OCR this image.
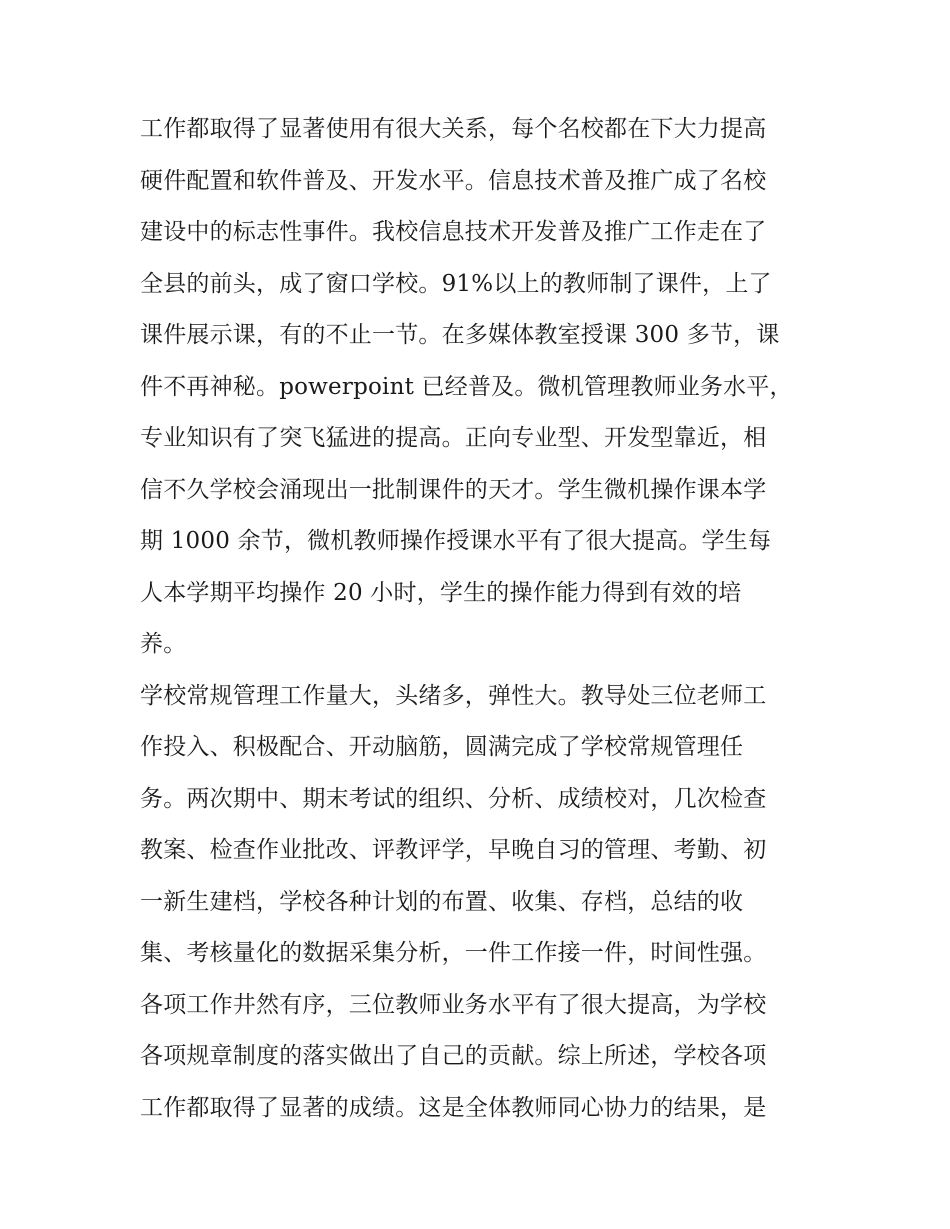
工作都取得了显著使用有很大关系，每个名校都在下大力提高
硬件配置和软件普及、开发水平。信息技术普及推广成了名校
建设中的标志性事件。我校信息技术开发普及推广工作走在了
全县的前头，成了窗口学校。91%以上的教师制了课件，上了
课件展示课，有的不止一节。在多媒体教室授课 300 多节，课
件不再神秘。powerpoint 已经普及。微机管理教师业务水平，
专业知识有了突飞猛进的提高。正向专业型、开发型靠近，相
信不久学校会涌现出一批制课件的天才。学生微机操作课本学
期 1000 余节，微机教师操作授课水平有了很大提高。学生每
人本学期平均操作 20 小时，学生的操作能力得到有效的培
养。
学校常规管理工作量大，头绪多，弹性大。教导处三位老师工
作投入、积极配合、开动脑筋，圆满完成了学校常规管理任
务。两次期中、期末考试的组织、分析、成绩校对，几次检查
教案、检查作业批改、评教评学，早晚自习的管理、考勤、初
一新生建档，学校各种计划的布置、收集、存档，总结的收
集、考核量化的数据采集分析，一件工作接一件，时间性强。
各项工作井然有序，三位教师业务水平有了很大提高，为学校
各项规章制度的落实做出了自己的贡献。综上所述，学校各项
工作都取得了显著的成绩。这是全体教师同心协力的结果，是
